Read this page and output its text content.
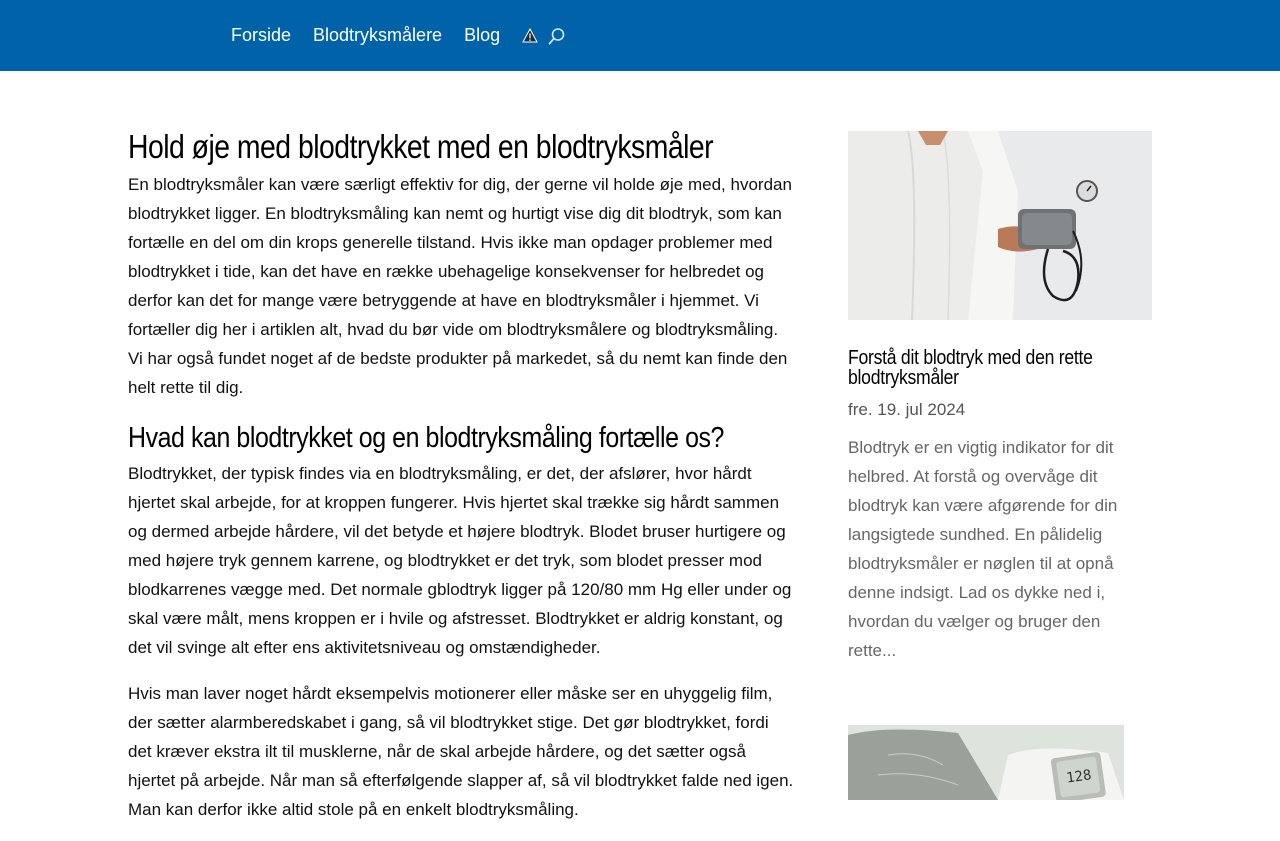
Forside Blodtryksmålere Blog
Hold øje med blodtrykket med en blodtryksmåler

En blodtryksmåler kan være særligt effektiv for dig, der gerne vil holde øje med, hvordan blodtrykket ligger. En blodtryksmåling kan nemt og hurtigt vise dig dit blodtryk, som kan fortælle en del om din krops generelle tilstand. Hvis ikke man opdager problemer med blodtrykket i tide, kan det have en række ubehagelige konsekvenser for helbredet og derfor kan det for mange være betryggende at have en blodtryksmåler i hjemmet. Vi fortæller dig her i artiklen alt, hvad du bør vide om blodtryksmålere og blodtryksmåling. Vi har også fundet noget af de bedste produkter på markedet, så du nemt kan finde den helt rette til dig.

Hvad kan blodtrykket og en blodtryksmåling fortælle os?

Blodtrykket, der typisk findes via en blodtryksmåling, er det, der afslører, hvor hårdt hjertet skal arbejde, for at kroppen fungerer. Hvis hjertet skal trække sig hårdt sammen og dermed arbejde hårdere, vil det betyde et højere blodtryk. Blodet bruser hurtigere og med højere tryk gennem karrene, og blodtrykket er det tryk, som blodet presser mod blodkarrenes vægge med. Det normale gblodtryk ligger på 120/80 mm Hg eller under og skal være målt, mens kroppen er i hvile og afstresset. Blodtrykket er aldrig konstant, og det vil svinge alt efter ens aktivitetsniveau og omstændigheder.

Hvis man laver noget hårdt eksempelvis motionerer eller måske ser en uhyggelig film, der sætter alarmberedskabet i gang, så vil blodtrykket stige. Det gør blodtrykket, fordi det kræver ekstra ilt til musklerne, når de skal arbejde hårdere, og det sætter også hjertet på arbejde. Når man så efterfølgende slapper af, så vil blodtrykket falde ned igen. Man kan derfor ikke altid stole på en enkelt blodtryksmåling.

Forstå dit blodtryk med den rette blodtryksmåler
fre. 19. jul 2024

Blodtryk er en vigtig indikator for dit helbred. At forstå og overvåge dit blodtryk kan være afgørende for din langsigtede sundhed. En pålidelig blodtryksmåler er nøglen til at opnå denne indsigt. Lad os dykke ned i, hvordan du vælger og bruger den rette...

128
